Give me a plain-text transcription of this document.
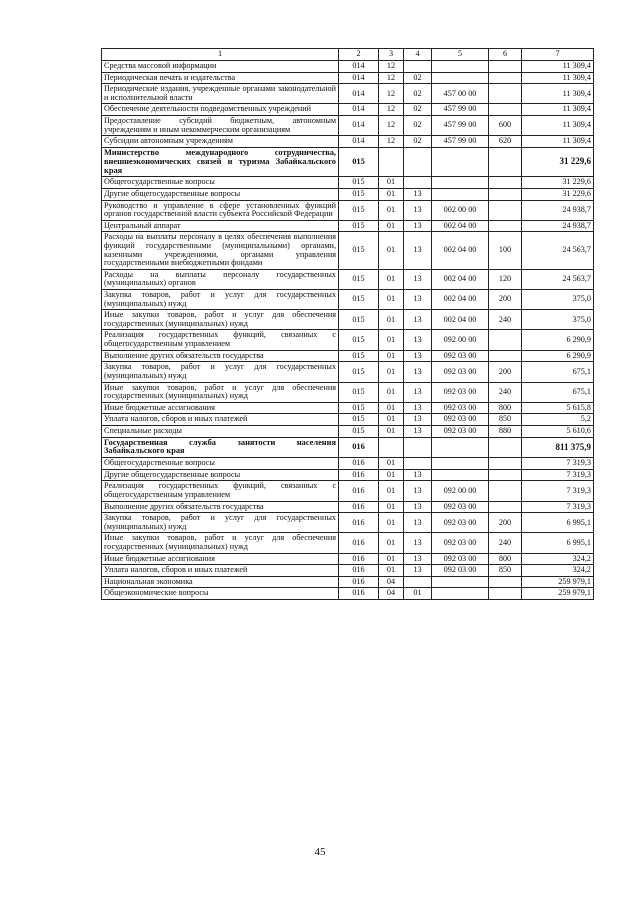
1	2	3	4	5	6	7
Средства массовой информации	014	12				11 309,4
Периодическая печать и издательства	014	12	02			11 309,4
Периодические издания, учрежденные органами законодательной и исполнительной власти	014	12	02	457 00 00		11 309,4
Обеспечение деятельности подведомственных учреждений	014	12	02	457 99 00		11 309,4
Предоставление субсидий бюджетным, автономным учреждениям и иным некоммерческим организациям	014	12	02	457 99 00	600	11 309,4
Субсидии автономным учреждениям	014	12	02	457 99 00	620	11 309,4
Министерство международного сотрудничества, внешнеэкономических связей и туризма Забайкальского края	015					31 229,6
Общегосударственные вопросы	015	01				31 229,6
Другие общегосударственные вопросы	015	01	13			31 229,6
Руководство и управление в сфере установленных функций органов государственной власти субъекта Российской Федерации	015	01	13	002 00 00		24 938,7
Центральный аппарат	015	01	13	002 04 00		24 938,7
Расходы на выплаты персоналу в целях обеспечения выполнения функций государственными (муниципальными) органами, казенными учреждениями, органами управления государственными внебюджетными фондами	015	01	13	002 04 00	100	24 563,7
Расходы на выплаты персоналу государственных (муниципальных) органов	015	01	13	002 04 00	120	24 563,7
Закупка товаров, работ и услуг для государственных (муниципальных) нужд	015	01	13	002 04 00	200	375,0
Иные закупки товаров, работ и услуг для обеспечения государственных (муниципальных) нужд	015	01	13	002 04 00	240	375,0
Реализация государственных функций, связанных с общегосударственным управлением	015	01	13	092 00 00		6 290,9
Выполнение других обязательств государства	015	01	13	092 03 00		6 290,9
Закупка товаров, работ и услуг для государственных (муниципальных) нужд	015	01	13	092 03 00	200	675,1
Иные закупки товаров, работ и услуг для обеспечения государственных (муниципальных) нужд	015	01	13	092 03 00	240	675,1
Иные бюджетные ассигнования	015	01	13	092 03 00	800	5 615,8
Уплата налогов, сборов и иных платежей	015	01	13	092 03 00	850	5,2
Специальные расходы	015	01	13	092 03 00	880	5 610,6
Государственная служба занятости населения Забайкальского края	016					811 375,9
Общегосударственные вопросы	016	01				7 319,3
Другие общегосударственные вопросы	016	01	13			7 319,3
Реализация государственных функций, связанных с общегосударственным управлением	016	01	13	092 00 00		7 319,3
Выполнение других обязательств государства	016	01	13	092 03 00		7 319,3
Закупка товаров, работ и услуг для государственных (муниципальных) нужд	016	01	13	092 03 00	200	6 995,1
Иные закупки товаров, работ и услуг для обеспечения государственных (муниципальных) нужд	016	01	13	092 03 00	240	6 995,1
Иные бюджетные ассигнования	016	01	13	092 03 00	800	324,2
Уплата налогов, сборов и иных платежей	016	01	13	092 03 00	850	324,2
Национальная экономика	016	04				259 979,1
Общеэкономические вопросы	016	04	01			259 979,1
45
